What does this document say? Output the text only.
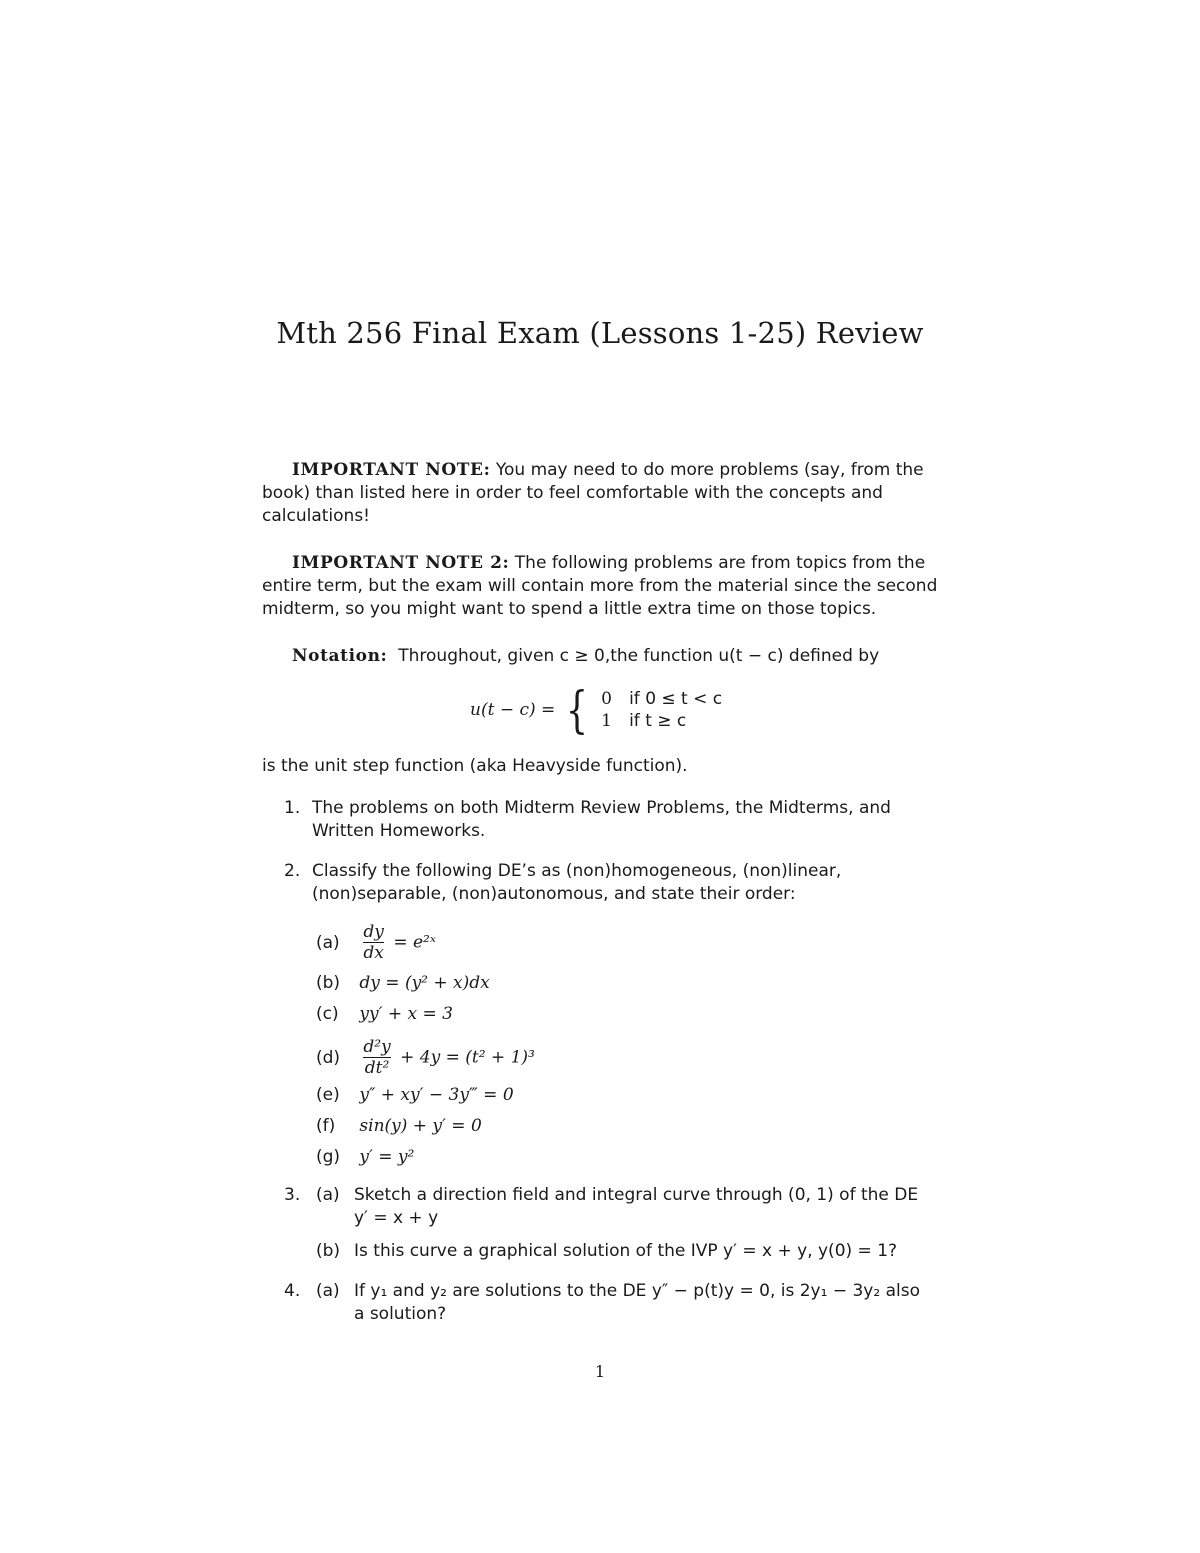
Mth 256 Final Exam (Lessons 1-25) Review
IMPORTANT NOTE: You may need to do more problems (say, from the book) than listed here in order to feel comfortable with the concepts and calculations!
IMPORTANT NOTE 2: The following problems are from topics from the entire term, but the exam will contain more from the material since the second midterm, so you might want to spend a little extra time on those topics.
Notation: Throughout, given c ≥ 0,the function u(t − c) defined by
u(t − c) = { 0	if 0 ≤ t < c
1	if t ≥ c
is the unit step function (aka Heavyside function).
1. The problems on both Midterm Review Problems, the Midterms, and Written Homeworks.
2. Classify the following DE’s as (non)homogeneous, (non)linear, (non)separable, (non)autonomous, and state their order:
$(a) \frac{dy}{dx}$ = e²ˣ
(b) dy = (y² + x)dx
(c) yy′ + x = 3
$(d) \frac{\text{d²y}}{\text{dt²}} + 4y = (t^2 + 1)^3$
(e) y″ + xy′ − 3y‴ = 0
(f) sin(y) + y′ = 0
(g) y′ = y²
3. (a) Sketch a direction field and integral curve through (0, 1) of the DE y′ = x + y
(b) Is this curve a graphical solution of the IVP y′ = x + y, y(0) = 1?
4. (a) If y₁ and y₂ are solutions to the DE y″ − p(t)y = 0, is 2y₁ − 3y₂ also a solution?
1
